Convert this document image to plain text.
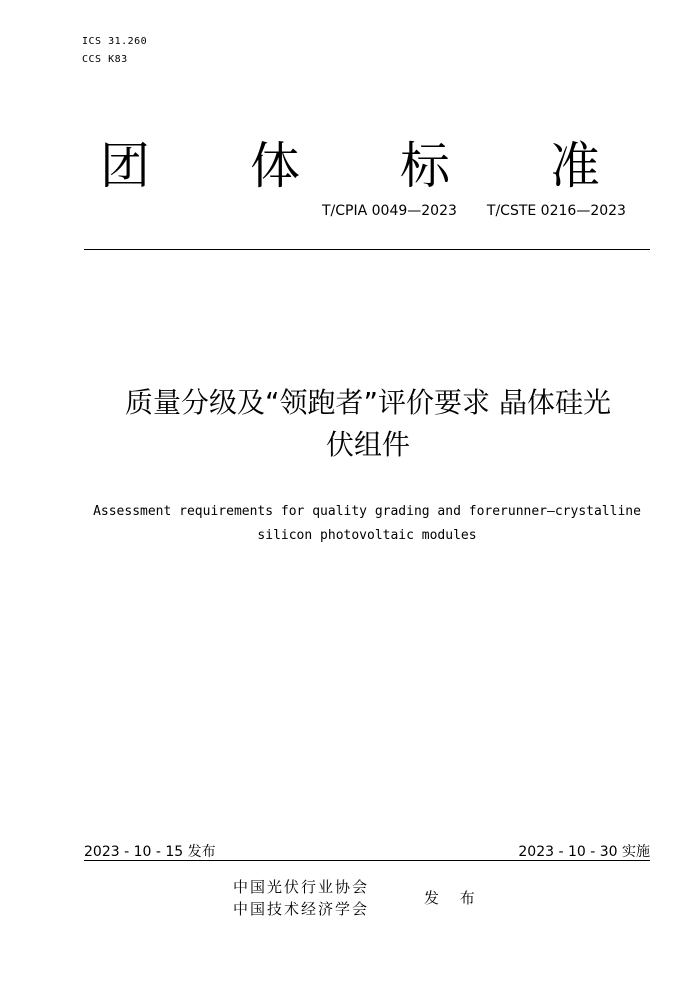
ICS 31.260
CCS K83
团 体 标 准
T/CPIA 0049—2023 T/CSTE 0216—2023
质量分级及“领跑者”评价要求 晶体硅光
伏组件
Assessment requirements for quality grading and forerunner—crystalline
silicon photovoltaic modules
2023 - 10 - 15 发布	2023 - 10 - 30 实施
中国光伏行业协会
中国技术经济学会
发 布
